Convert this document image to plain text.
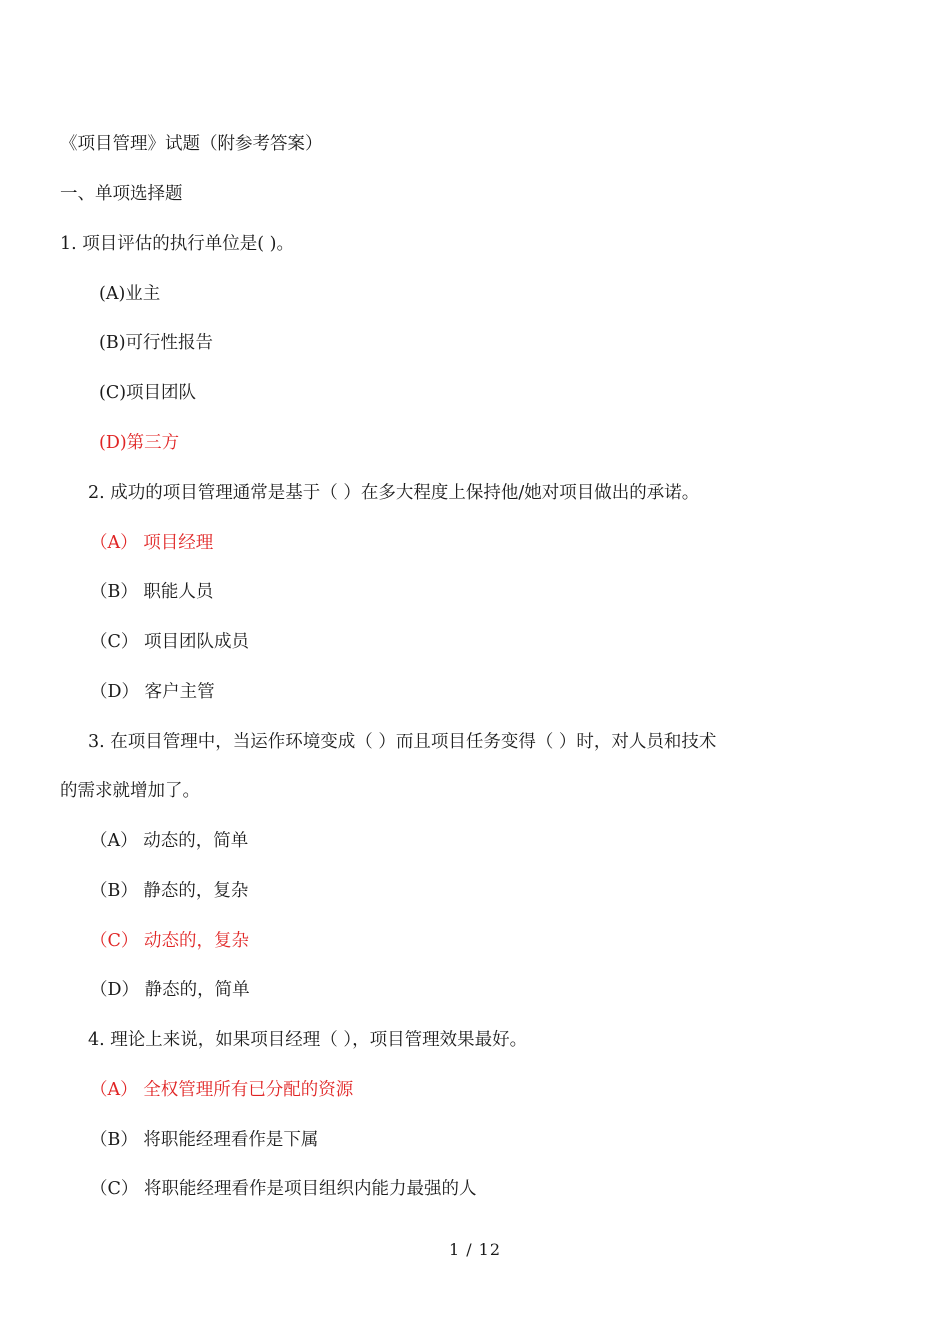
《项目管理》试题（附参考答案）
一、单项选择题
1. 项目评估的执行单位是( )。
(A)业主
(B)可行性报告
(C)项目团队
(D)第三方
2. 成功的项目管理通常是基于（ ）在多大程度上保持他/她对项目做出的承诺。
（A） 项目经理
（B） 职能人员
（C） 项目团队成员
（D） 客户主管
3. 在项目管理中，当运作环境变成（ ）而且项目任务变得（ ）时，对人员和技术
的需求就增加了。
（A） 动态的，简单
（B） 静态的，复杂
（C） 动态的，复杂
（D） 静态的，简单
4. 理论上来说，如果项目经理（ ），项目管理效果最好。
（A） 全权管理所有已分配的资源
（B） 将职能经理看作是下属
（C） 将职能经理看作是项目组织内能力最强的人
1 / 12
